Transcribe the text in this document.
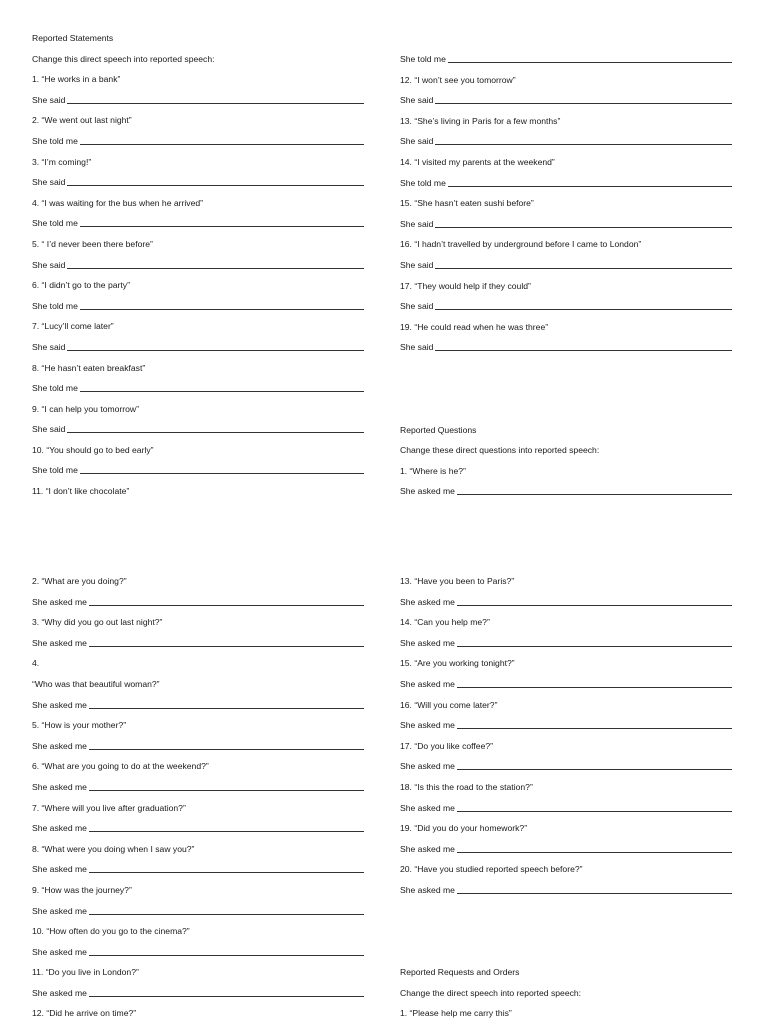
Reported Statements
Change this direct speech into reported speech:
1. “He works in a bank”
She said
2. “We went out last night”
She told me
3. “I’m coming!”
She said
4. “I was waiting for the bus when he arrived”
She told me
5. “ I’d never been there before”
She said
6. “I didn’t go to the party”
She told me
7. “Lucy’ll come later”
She said
8. “He hasn’t eaten breakfast”
She told me
9. “I can help you tomorrow”
She said
10. “You should go to bed early”
She told me
11. “I don’t like chocolate”
She told me
12. “I won’t see you tomorrow”
She said
13. “She’s living in Paris for a few months”
She said
14. “I visited my parents at the weekend”
She told me
15. “She hasn’t eaten sushi before”
She said
16. “I hadn’t travelled by underground before I came to London”
She said
17. “They would help if they could”
She said
19. “He could read when he was three”
She said
Reported Questions
Change these direct questions into reported speech:
1. “Where is he?”
She asked me
2. “What are you doing?”
She asked me
3. “Why did you go out last night?”
She asked me
4.
“Who was that beautiful woman?”
She asked me
5. “How is your mother?”
She asked me
6. “What are you going to do at the weekend?”
She asked me
7. “Where will you live after graduation?”
She asked me
8. “What were you doing when I saw you?”
She asked me
9. “How was the journey?”
She asked me
10. “How often do you go to the cinema?”
She asked me
11. “Do you live in London?”
She asked me
12. “Did he arrive on time?”
13. “Have you been to Paris?”
She asked me
14. “Can you help me?”
She asked me
15. “Are you working tonight?”
She asked me
16. “Will you come later?”
She asked me
17. “Do you like coffee?”
She asked me
18. “Is this the road to the station?”
She asked me
19. “Did you do your homework?”
She asked me
20. “Have you studied reported speech before?”
She asked me
Reported Requests and Orders
Change the direct speech into reported speech:
1. “Please help me carry this”
